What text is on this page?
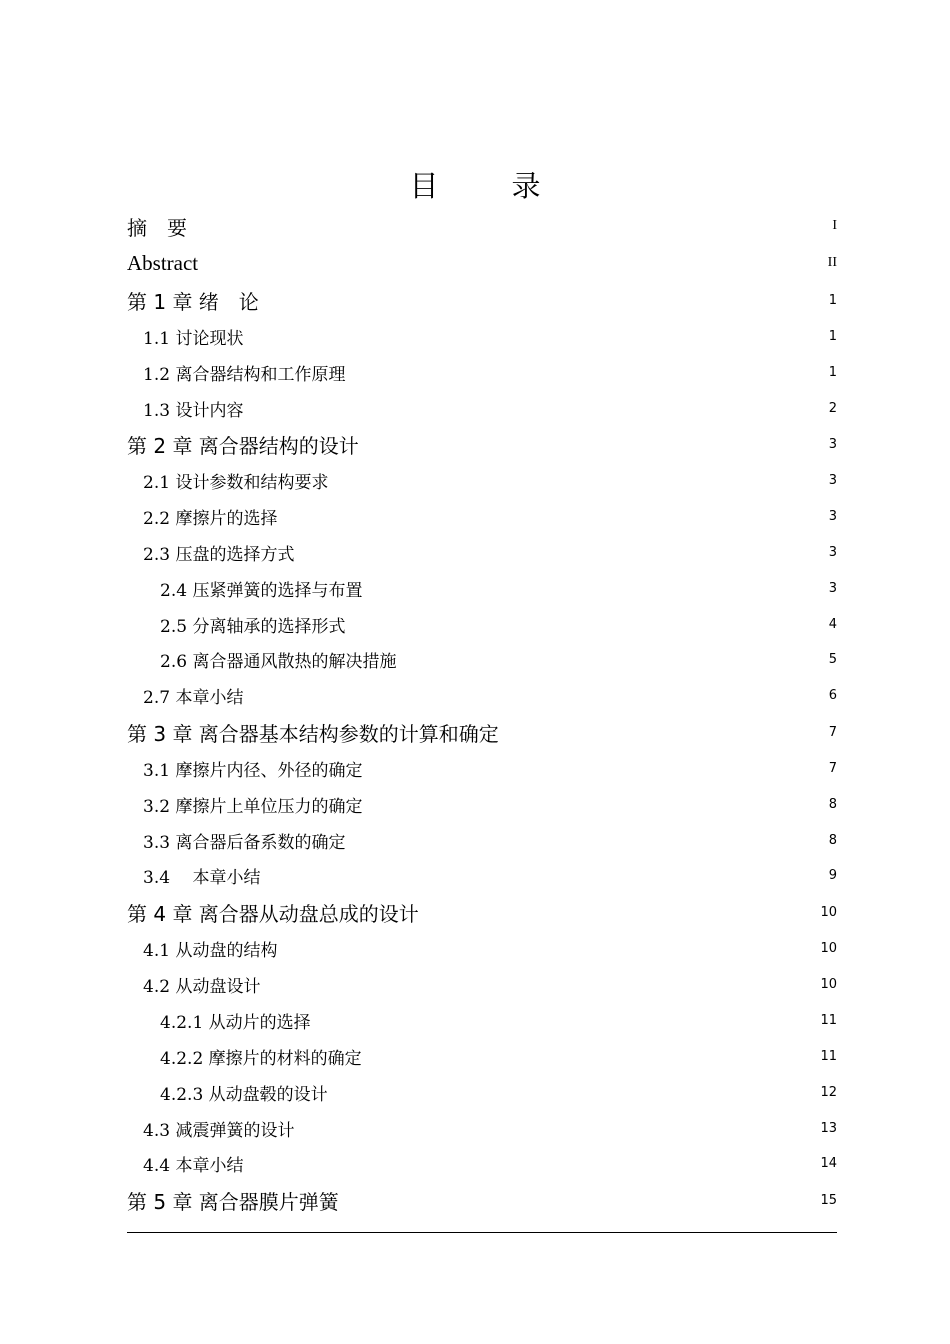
目　录
摘　要	I
Abstract	II
第 1 章 绪　论	1
1.1 讨论现状	1
1.2 离合器结构和工作原理	1
1.3 设计内容	2
第 2 章 离合器结构的设计	3
2.1 设计参数和结构要求	3
2.2 摩擦片的选择	3
2.3 压盘的选择方式	3
2.4 压紧弹簧的选择与布置	3
2.5 分离轴承的选择形式	4
2.6 离合器通风散热的解决措施	5
2.7 本章小结	6
第 3 章 离合器基本结构参数的计算和确定	7
3.1 摩擦片内径、外径的确定	7
3.2 摩擦片上单位压力的确定	8
3.3 离合器后备系数的确定	8
3.4　 本章小结	9
第 4 章 离合器从动盘总成的设计	10
4.1 从动盘的结构	10
4.2 从动盘设计	10
4.2.1 从动片的选择	11
4.2.2 摩擦片的材料的确定	11
4.2.3 从动盘毂的设计	12
4.3 减震弹簧的设计	13
4.4 本章小结	14
第 5 章 离合器膜片弹簧	15
